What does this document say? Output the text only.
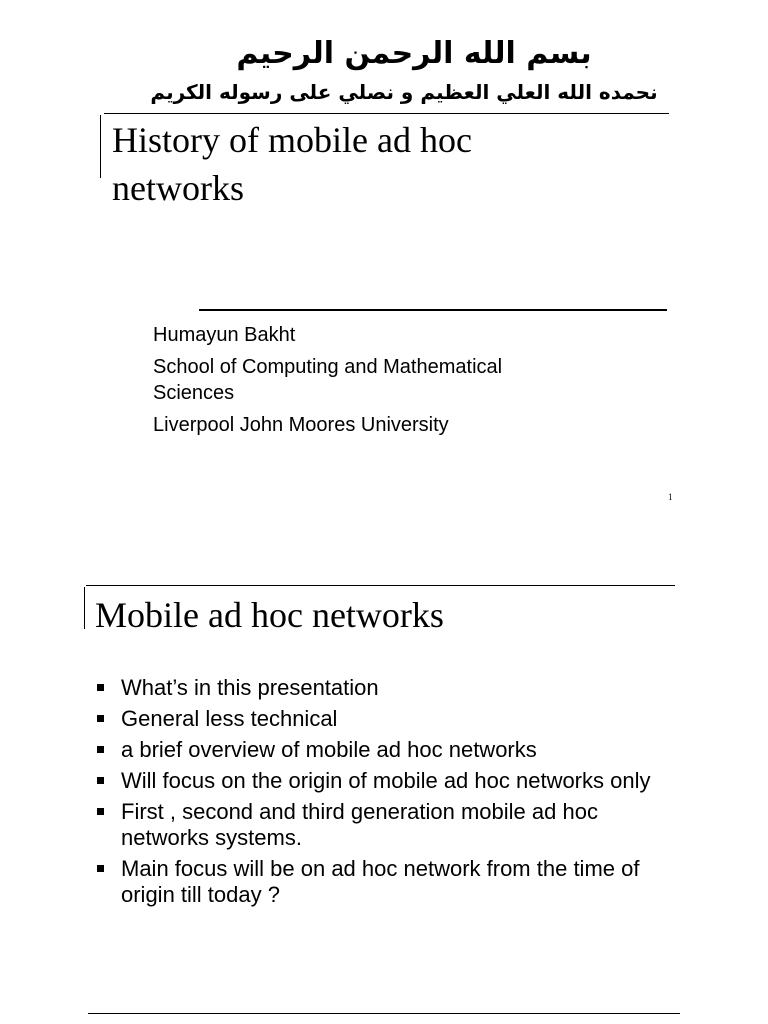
بسم الله الرحمن الرحيم
نحمده الله العلي العظيم و نصلي على رسوله الكريم
History of mobile ad hoc networks
Humayun Bakht
School of Computing and Mathematical Sciences
Liverpool John Moores University
1
Mobile ad hoc networks
What’s in this presentation
General less technical
a brief overview of mobile ad hoc networks
Will focus on the origin of mobile ad hoc networks only
First , second and third generation mobile ad hoc networks systems.
Main focus will be on ad hoc network from the time of origin till today ?
